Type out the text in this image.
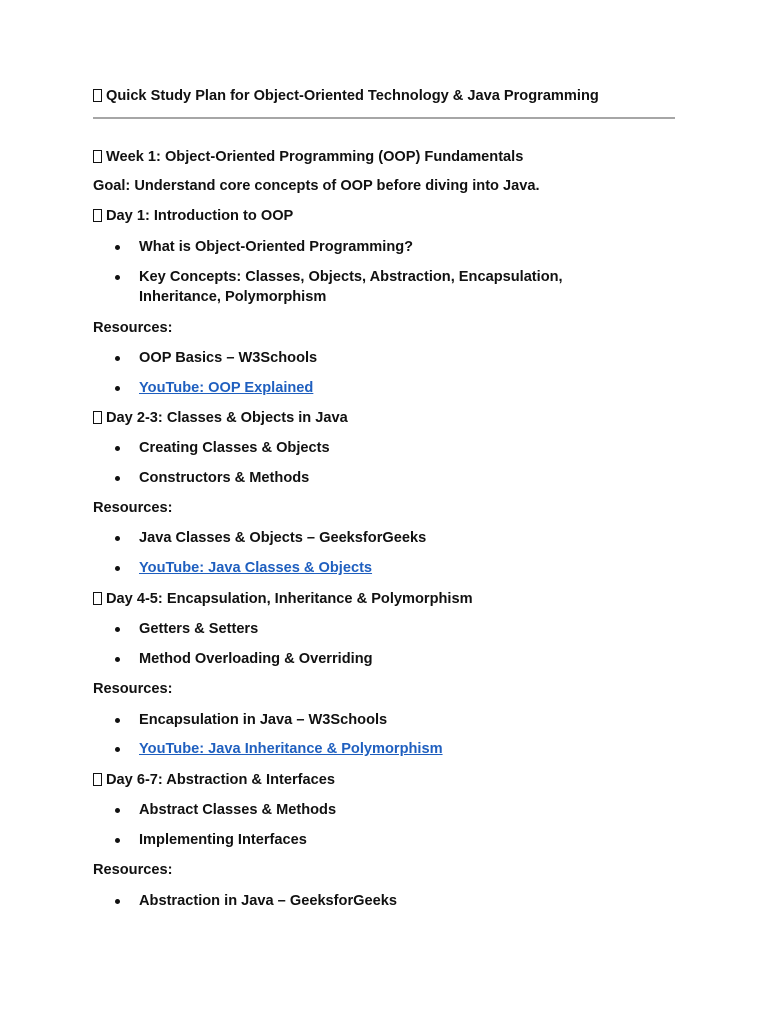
Quick Study Plan for Object-Oriented Technology & Java Programming
Week 1: Object-Oriented Programming (OOP) Fundamentals
Goal: Understand core concepts of OOP before diving into Java.
Day 1: Introduction to OOP
What is Object-Oriented Programming?
Key Concepts: Classes, Objects, Abstraction, Encapsulation, Inheritance, Polymorphism
Resources:
OOP Basics – W3Schools
YouTube: OOP Explained
Day 2-3: Classes & Objects in Java
Creating Classes & Objects
Constructors & Methods
Resources:
Java Classes & Objects – GeeksforGeeks
YouTube: Java Classes & Objects
Day 4-5: Encapsulation, Inheritance & Polymorphism
Getters & Setters
Method Overloading & Overriding
Resources:
Encapsulation in Java – W3Schools
YouTube: Java Inheritance & Polymorphism
Day 6-7: Abstraction & Interfaces
Abstract Classes & Methods
Implementing Interfaces
Resources:
Abstraction in Java – GeeksforGeeks
